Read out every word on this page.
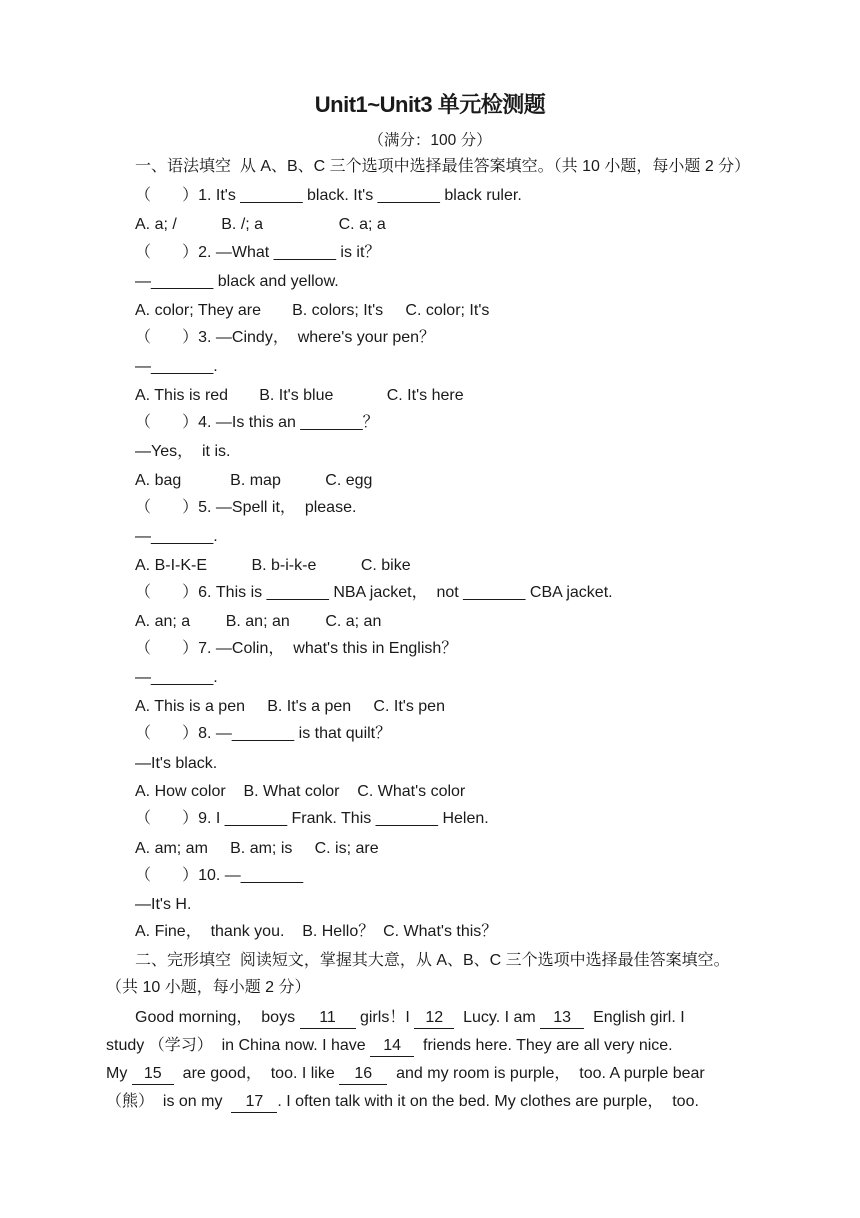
Unit1~Unit3 单元检测题
（满分：100 分）
一、语法填空  从 A、B、C 三个选项中选择最佳答案填空。（共 10 小题，每小题 2 分）
（       ）1. It's _______ black. It's _______ black ruler.
A. a; /          B. /; a                 C. a; a
（       ）2. —What _______ is it？
—_______ black and yellow.
A. color; They are       B. colors; It's     C. color; It's
（       ）3. —Cindy，  where's your pen？
—_______.
A. This is red       B. It's blue            C. It's here
（       ）4. —Is this an _______？
—Yes，  it is.
A. bag           B. map          C. egg
（       ）5. —Spell it，  please.
—_______.
A. B-I-K-E          B. b-i-k-e          C. bike
（       ）6. This is _______ NBA jacket，  not _______ CBA jacket.
A. an; a        B. an; an        C. a; an
（       ）7. —Colin，  what's this in English？
—_______.
A. This is a pen     B. It's a pen     C. It's pen
（       ）8. —_______ is that quilt？
—It's black.
A. How color    B. What color    C. What's color
（       ）9. I _______ Frank. This _______ Helen.
A. am; am     B. am; is     C. is; are
（       ）10. —_______
—It's H.
A. Fine，  thank you.    B. Hello？  C. What's this？
二、完形填空  阅读短文，掌握其大意，从 A、B、C 三个选项中选择最佳答案填空。
（共 10 小题，每小题 2 分）
Good morning，  boys 11 girls！I 12  Lucy. I am 13  English girl. I
study （学习）  in China now. I have 14  friends here. They are all very nice.
My 15  are good，  too. I like 16  and my room is purple，  too. A purple bear
（熊）  is on my  17 . I often talk with it on the bed. My clothes are purple，  too.
